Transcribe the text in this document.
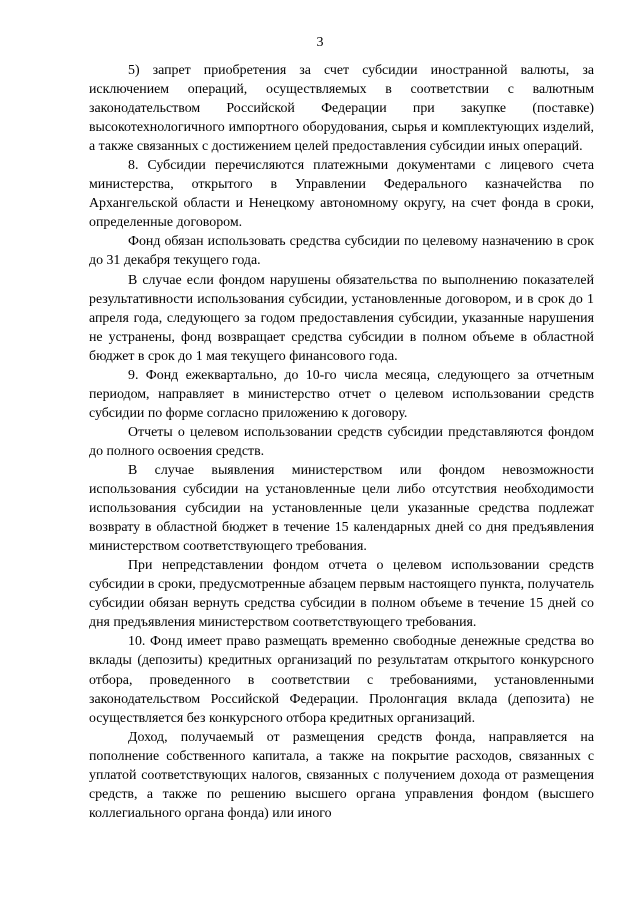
3

5) запрет приобретения за счет субсидии иностранной валюты, за исключением операций, осуществляемых в соответствии с валютным законодательством Российской Федерации при закупке (поставке) высокотехнологичного импортного оборудования, сырья и комплектующих изделий, а также связанных с достижением целей предоставления субсидии иных операций.

8. Субсидии перечисляются платежными документами с лицевого счета министерства, открытого в Управлении Федерального казначейства по Архангельской области и Ненецкому автономному округу, на счет фонда в сроки, определенные договором.

Фонд обязан использовать средства субсидии по целевому назначению в срок до 31 декабря текущего года.

В случае если фондом нарушены обязательства по выполнению показателей результативности использования субсидии, установленные договором, и в срок до 1 апреля года, следующего за годом предоставления субсидии, указанные нарушения не устранены, фонд возвращает средства субсидии в полном объеме в областной бюджет в срок до 1 мая текущего финансового года.

9. Фонд ежеквартально, до 10-го числа месяца, следующего за отчетным периодом, направляет в министерство отчет о целевом использовании средств субсидии по форме согласно приложению к договору.

Отчеты о целевом использовании средств субсидии представляются фондом до полного освоения средств.

В случае выявления министерством или фондом невозможности использования субсидии на установленные цели либо отсутствия необходимости использования субсидии на установленные цели указанные средства подлежат возврату в областной бюджет в течение 15 календарных дней со дня предъявления министерством соответствующего требования.

При непредставлении фондом отчета о целевом использовании средств субсидии в сроки, предусмотренные абзацем первым настоящего пункта, получатель субсидии обязан вернуть средства субсидии в полном объеме в течение 15 дней со дня предъявления министерством соответствующего требования.

10. Фонд имеет право размещать временно свободные денежные средства во вклады (депозиты) кредитных организаций по результатам открытого конкурсного отбора, проведенного в соответствии с требованиями, установленными законодательством Российской Федерации. Пролонгация вклада (депозита) не осуществляется без конкурсного отбора кредитных организаций.

Доход, получаемый от размещения средств фонда, направляется на пополнение собственного капитала, а также на покрытие расходов, связанных с уплатой соответствующих налогов, связанных с получением дохода от размещения средств, а также по решению высшего органа управления фондом (высшего коллегиального органа фонда) или иного
